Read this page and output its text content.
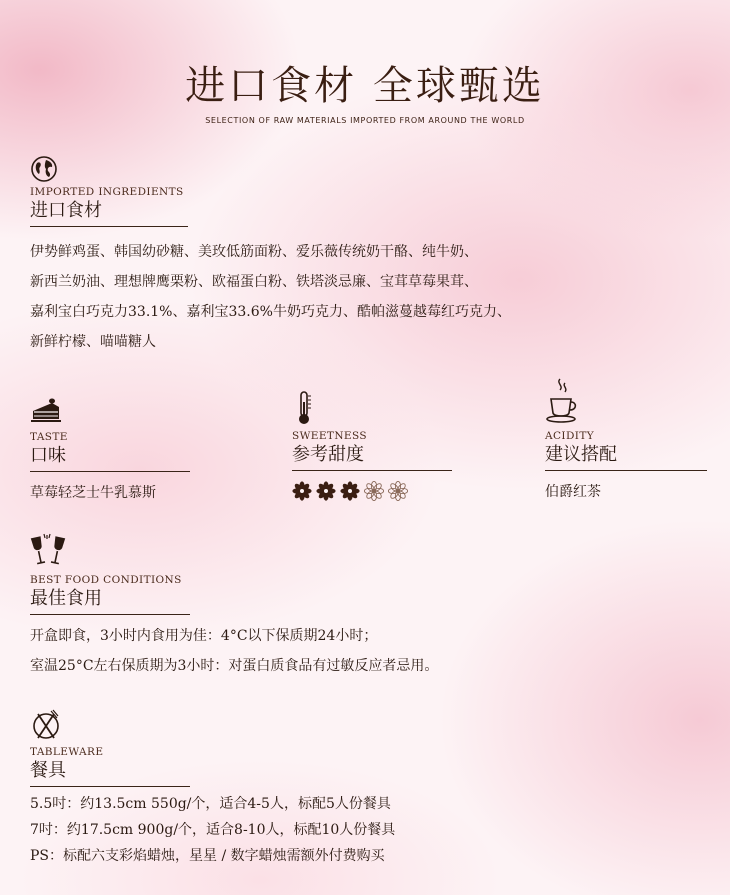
进口食材 全球甄选
SELECTION OF RAW MATERIALS IMPORTED FROM AROUND THE WORLD
IMPORTED INGREDIENTS
进口食材

伊势鲜鸡蛋、韩国幼砂糖、美玫低筋面粉、爱乐薇传统奶干酪、纯牛奶、

新西兰奶油、理想牌鹰栗粉、欧福蛋白粉、铁塔淡忌廉、宝茸草莓果茸、

嘉利宝白巧克力33.1%、嘉利宝33.6%牛奶巧克力、酷帕滋蔓越莓红巧克力、

新鲜柠檬、喵喵糖人

TASTE
口味
草莓轻芝士牛乳慕斯
SWEETNESS
参考甜度
ACIDITY
建议搭配
伯爵红茶
BEST FOOD CONDITIONS
最佳食用

开盒即食，3小时内食用为佳：4°C以下保质期24小时；

室温25°C左右保质期为3小时：对蛋白质食品有过敏反应者忌用。

TABLEWARE
餐具

5.5吋：约13.5cm 550g/个，适合4-5人，标配5人份餐具

7吋：约17.5cm 900g/个，适合8-10人，标配10人份餐具

PS：标配六支彩焰蜡烛，星星 / 数字蜡烛需额外付费购买
